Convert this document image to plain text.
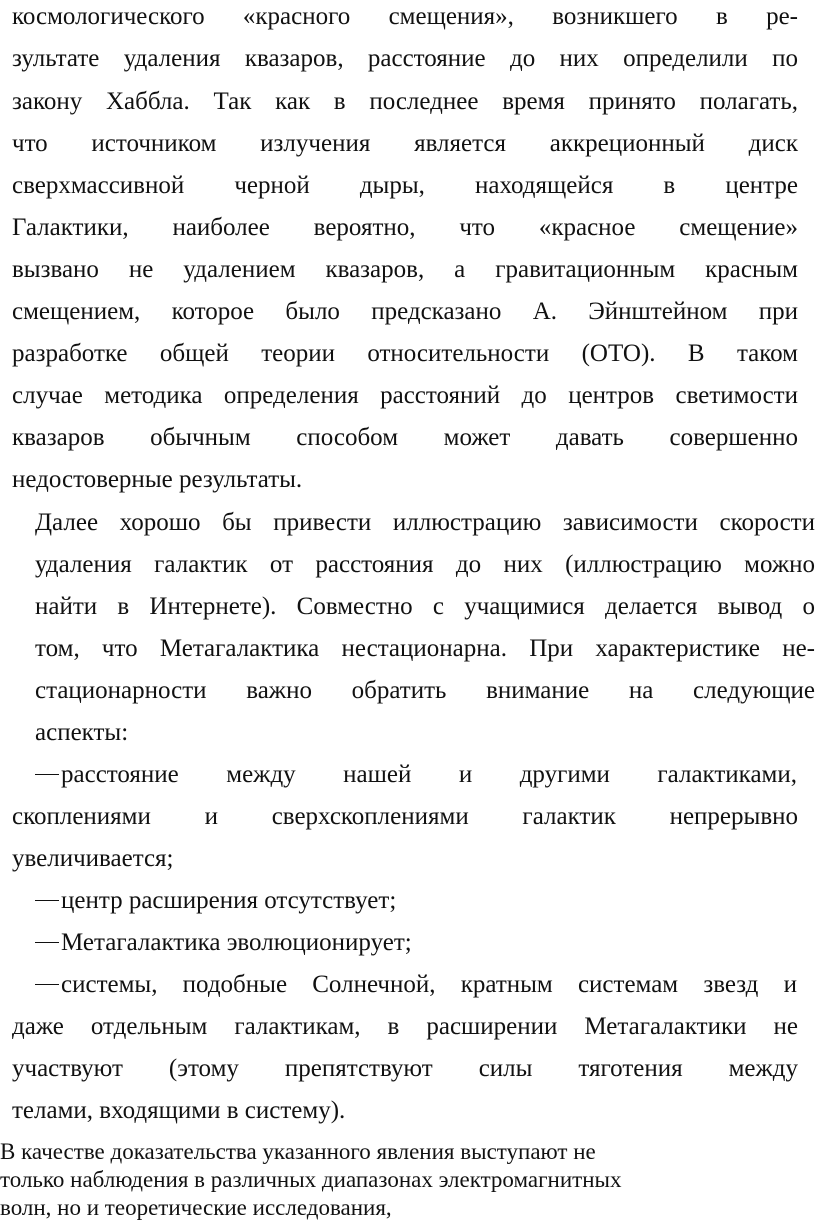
космологического «красного смещения», возникшего в ре-
зультате удаления квазаров, расстояние до них определили по
закону Хаббла. Так как в последнее время принято полагать,
что источником излучения является аккреционный диск
сверхмассивной черной дыры, находящейся в центре
Галактики, наиболее вероятно, что «красное смещение»
вызвано не удалением квазаров, а гравитационным красным
смещением, которое было предсказано А. Эйнштейном при
разработке общей теории относительности (ОТО). В таком
случае методика определения расстояний до центров светимости
квазаров обычным способом может давать совершенно
недостоверные результаты.
Далее хорошо бы привести иллюстрацию зависимости скорости
удаления галактик от расстояния до них (иллюстрацию можно
найти в Интернете). Совместно с учащимися делается вывод о
том, что Метагалактика нестационарна. При характеристике не-
стационарности важно обратить внимание на следующие
аспекты:
расстояние между нашей и другими галактиками,
скоплениями и сверхскоплениями галактик непрерывно
увеличивается;
центр расширения отсутствует;
Метагалактика эволюционирует;
системы, подобные Солнечной, кратным системам звезд и
даже отдельным галактикам, в расширении Метагалактики не
участвуют (этому препятствуют силы тяготения между
телами, входящими в систему).
В качестве доказательства указанного явления выступают не
только наблюдения в различных диапазонах электромагнитных
волн, но и теоретические исследования,
